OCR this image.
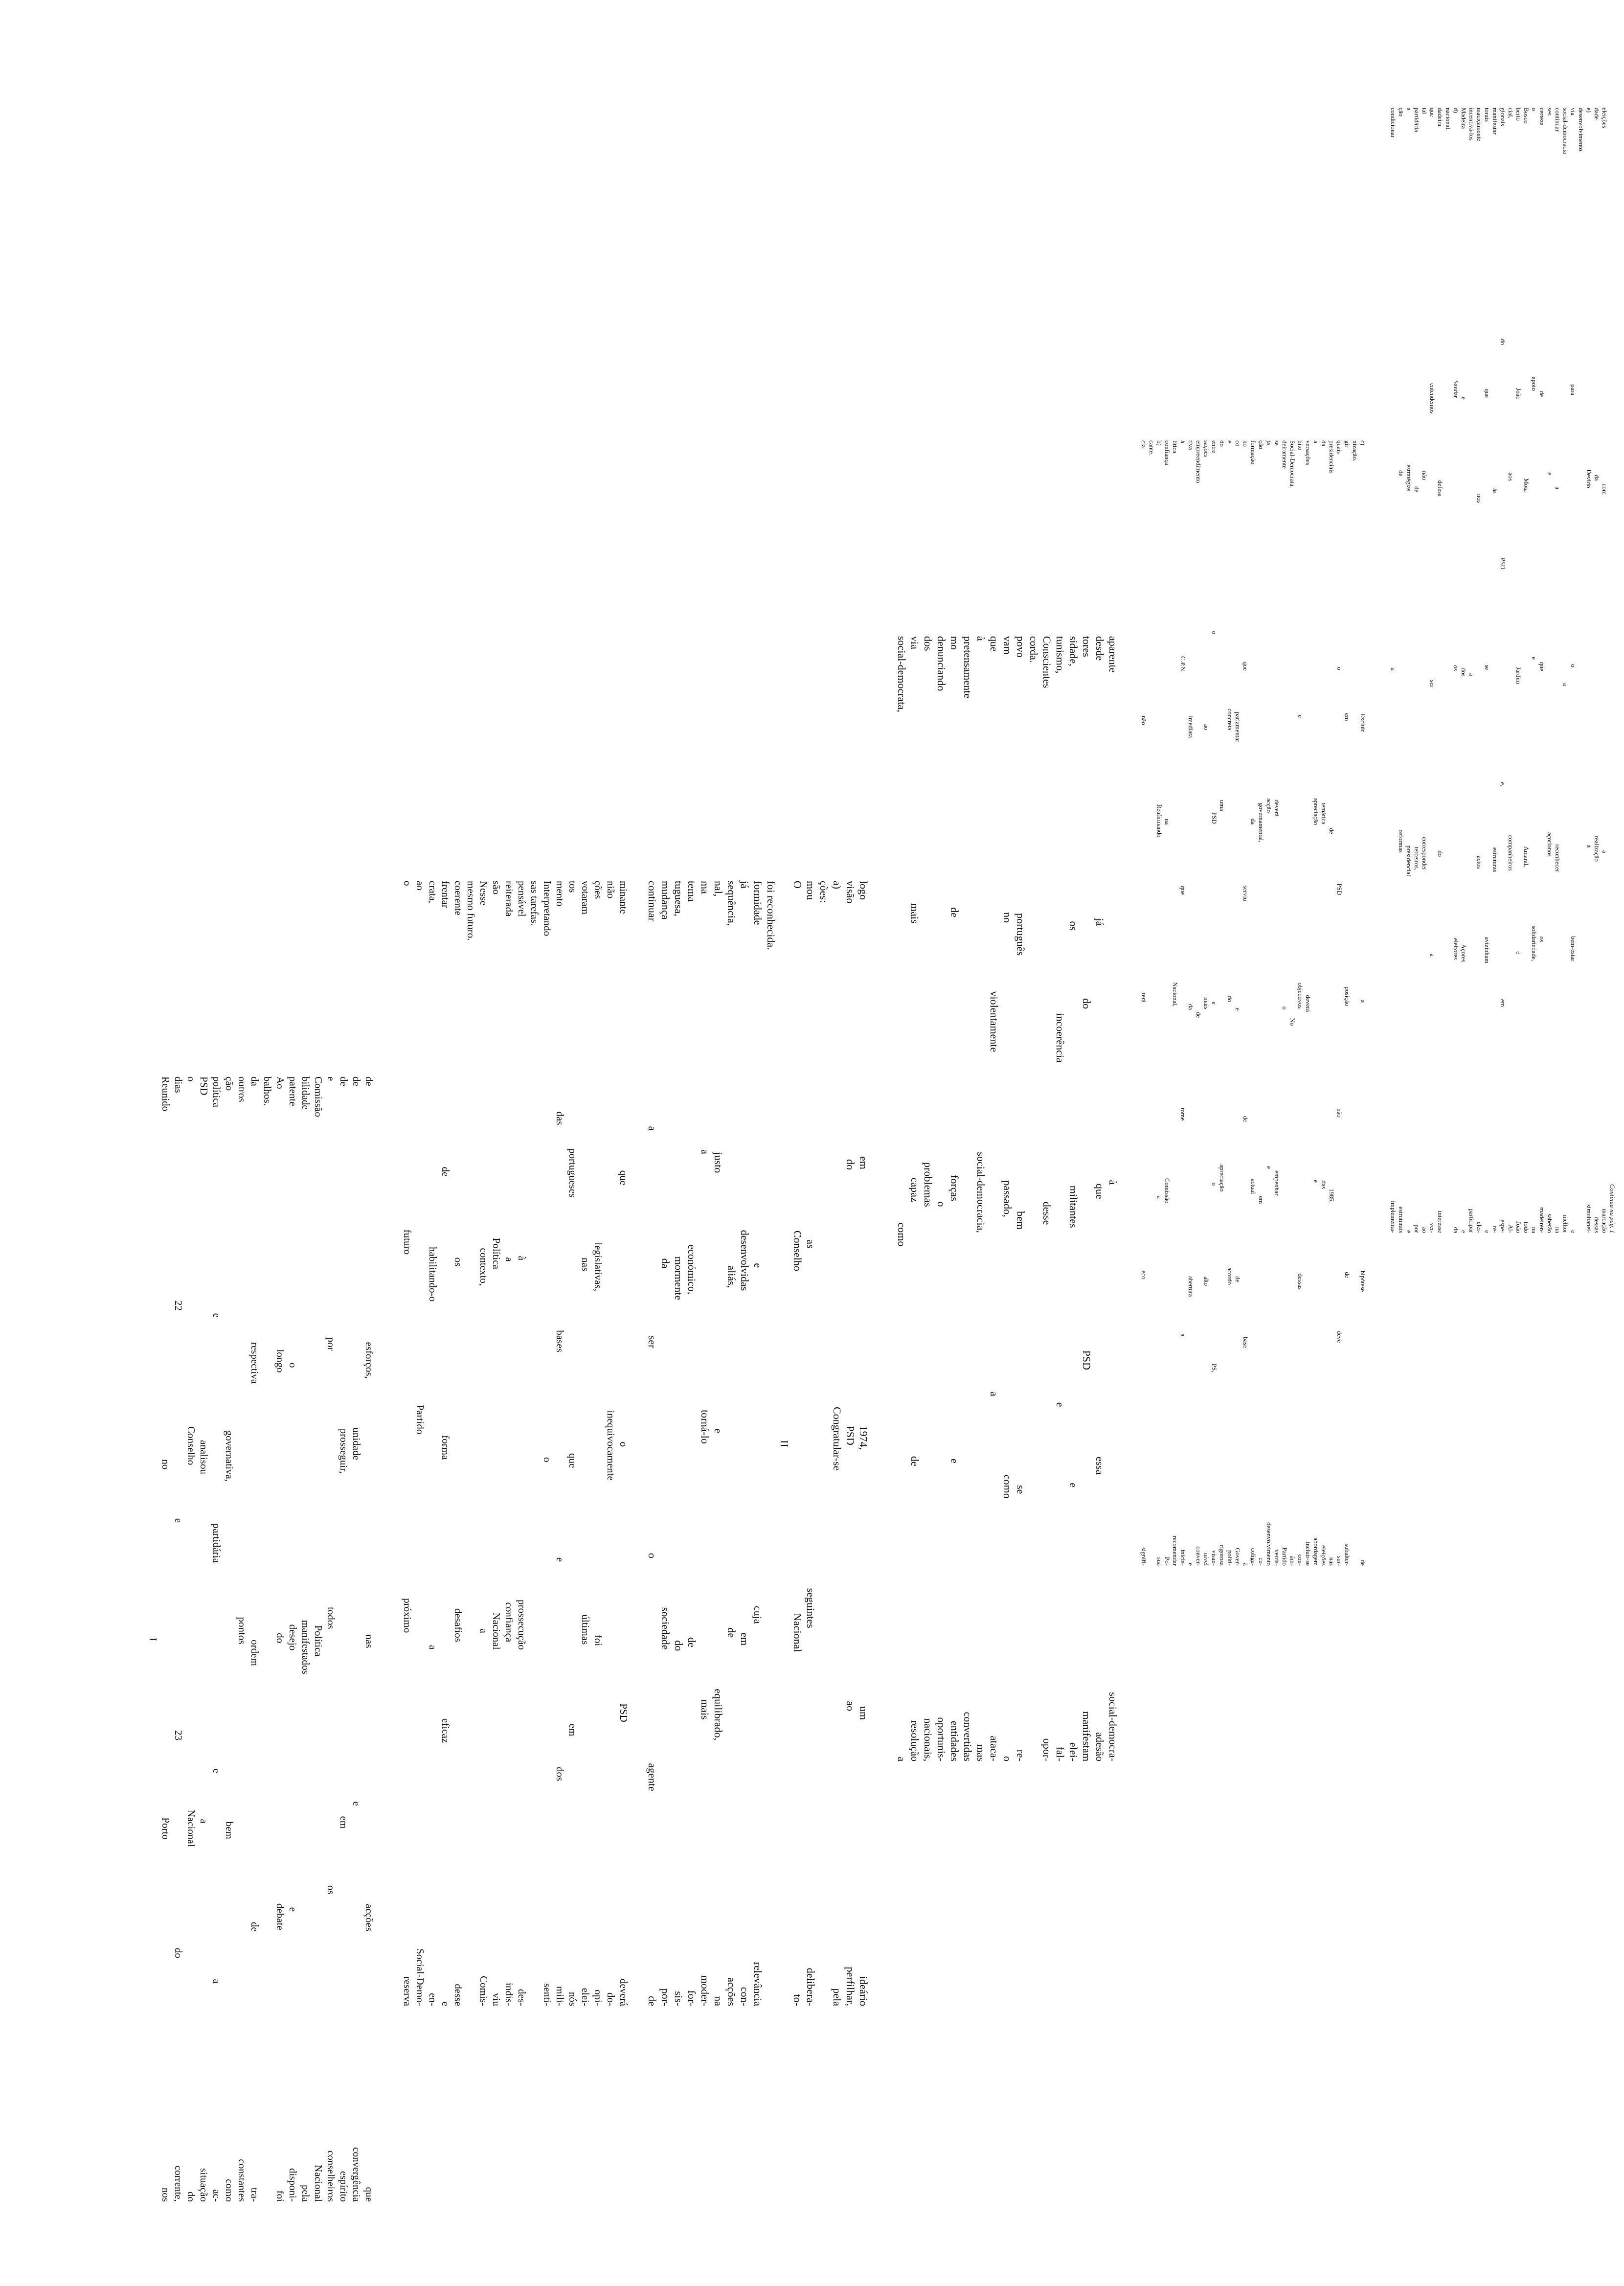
I Reunido no Porto nos dias 22 e 23 do corrente, o Conselho Nacional do PSD analisou a situação política e partidária e a ac- ção governativa, bem como outros pontos constantes da respectiva ordem de tra- balhos. Ao longo do debate foi patente o desejo e disponi- bilidade manifestados pela Comissão Política Nacional e por todos os conselheiros de prosseguir, em espírito de unidade e convergência de esforços, nas acções que	o futuro próximo reserva ao Partido Social-Demo- crata, habilitando-o a en- frentar de forma eficaz e coerente os desafios desse mesmo futuro. Nesse contexto, a Comis- são Política Nacional viu reiterada a confiança indis- pensável à prossecução des- sas tarefas. Interpretando o senti- mento das bases e dos mili- tos portugueses que em nós votaram nas últimas elei- ções legislativas, foi opi- nião inequivocamente do- minante que o PSD deverá continuar a ser o agente de mudança da sociedade por- tuguesa, mormente do sis- tema económico, de for- ma a torná-lo mais moder- nal, justo e equilibrado, na sequência, aliás, de acções já desenvolvidas em con- formidade e cuja relevância foi reconhecida.
II O Conselho Nacional to- mou as seguintes delibera- ções: a) Congratular-se pela visão do PSD ao perfilhar, logo em 1974, um ideário social-democrata, como a via mais capaz de resolução dos problemas nacionais, denunciando o oportunis- mo de forças e entidades pretensamente convertidas à social-democracia, mas que violentamente a ataca- vam no passado, como o povo português bem se re- corda. Conscientes desse opor- tunismo, incoerência e fal- sidade, os militantes e elei- tores do PSD manifestam desde já que essa adesão aparente à social-democra-	cia não terá eco signifi- cante. b) Reafirmando a sua confiança na Comissão Po- lítica Nacional, recomendar à C.P.N. que tome a inicia- tiva imediata da abertura e empreendimento de conver- sações ao mais alto nível entre o PSD e o PS, visan- do uma apreciação rigorosa e concreta do acordo políti- co parlamentar e de Gover- no que serviu de base à formação da actual coliga- ção governamental, em cu- ja acção e desenvolvimento se deverá empenhar verda- deiramente o Partido Social-Democrata. No âm- bito e objectivos dessas con- versações deverá incluir-se a apreciação e abordagem da temática das eleições presidenciais de 1985, nas quais o PSD não deve sur- gir em posição de subalter- nização. c) Excluir a hipótese de	condicionar a implementa- ção de reformas estruturais a estratégias presidencial e partidária de terceiros, por tal não corresponder ao que entendemos ser a ver- dadeira defesa do interesse nacional. d) Saudar os eleitores da Madeira e dos Açores e incentivá-los a participar maciçamente nos actos elei- torais que se avizinham e manifestar às estruturas re- gionais do PSD e, em espe- cial, aos companheiros Al- berto João Jardim e João Bosco Mota Amaral, todo o apoio e solidariedade, na certeza de que os madeiren- ses e açorianos saberão continuar a reconhecer na social-democracia a melhor via para o bem-estar e desenvolvimento. e) Devido à simultanei- dade da realização dessas eleições com a marcação Continua na pág. 1
